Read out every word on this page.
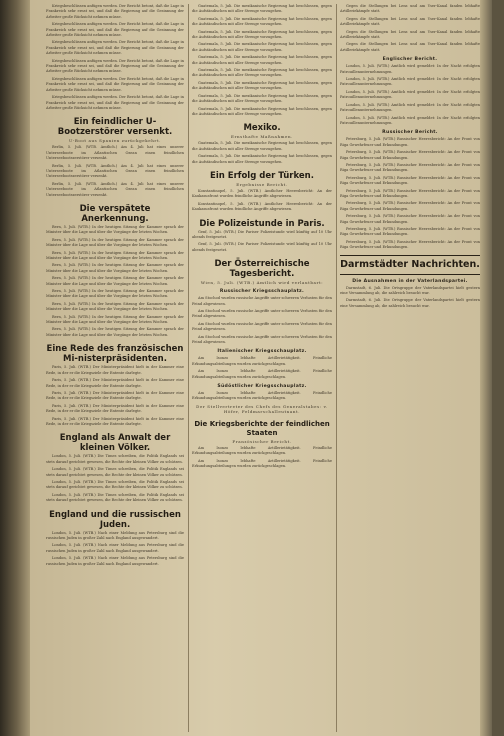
Kriegsbeschlüssen anfügen werden. Der Bericht betont, daß die Lage in Frankreich sehr ernst sei, und daß die Regierung auf die Gesinnung der Arbeiter große Rücksicht nehmen müsse.

Kriegsbeschlüssen anfügen werden. Der Bericht betont, daß die Lage in Frankreich sehr ernst sei, und daß die Regierung auf die Gesinnung der Arbeiter große Rücksicht nehmen müsse.

Kriegsbeschlüssen anfügen werden. Der Bericht betont, daß die Lage in Frankreich sehr ernst sei, und daß die Regierung auf die Gesinnung der Arbeiter große Rücksicht nehmen müsse.

Kriegsbeschlüssen anfügen werden. Der Bericht betont, daß die Lage in Frankreich sehr ernst sei, und daß die Regierung auf die Gesinnung der Arbeiter große Rücksicht nehmen müsse.

Kriegsbeschlüssen anfügen werden. Der Bericht betont, daß die Lage in Frankreich sehr ernst sei, und daß die Regierung auf die Gesinnung der Arbeiter große Rücksicht nehmen müsse.

Kriegsbeschlüssen anfügen werden. Der Bericht betont, daß die Lage in Frankreich sehr ernst sei, und daß die Regierung auf die Gesinnung der Arbeiter große Rücksicht nehmen müsse.

Ein feindlicher U-Bootzerstörer versenkt.
U-Boot aus Spanien zurückgekehrt.

Berlin, 5. Juli. (WTB. Amtlich.) Am 4. Juli hat eines unserer Unterseeboote im Atlantischen Ozean einen feindlichen Unterseebootszerstörer versenkt.

Berlin, 5. Juli. (WTB. Amtlich.) Am 4. Juli hat eines unserer Unterseeboote im Atlantischen Ozean einen feindlichen Unterseebootszerstörer versenkt.

Berlin, 5. Juli. (WTB. Amtlich.) Am 4. Juli hat eines unserer Unterseeboote im Atlantischen Ozean einen feindlichen Unterseebootszerstörer versenkt.

Die verspätete Anerkennung.

Bern, 5. Juli. (WTB.) In der heutigen Sitzung der Kammer sprach der Minister über die Lage und über die Vorgänge der letzten Wochen.

Bern, 5. Juli. (WTB.) In der heutigen Sitzung der Kammer sprach der Minister über die Lage und über die Vorgänge der letzten Wochen.

Bern, 5. Juli. (WTB.) In der heutigen Sitzung der Kammer sprach der Minister über die Lage und über die Vorgänge der letzten Wochen.

Bern, 5. Juli. (WTB.) In der heutigen Sitzung der Kammer sprach der Minister über die Lage und über die Vorgänge der letzten Wochen.

Bern, 5. Juli. (WTB.) In der heutigen Sitzung der Kammer sprach der Minister über die Lage und über die Vorgänge der letzten Wochen.

Bern, 5. Juli. (WTB.) In der heutigen Sitzung der Kammer sprach der Minister über die Lage und über die Vorgänge der letzten Wochen.

Bern, 5. Juli. (WTB.) In der heutigen Sitzung der Kammer sprach der Minister über die Lage und über die Vorgänge der letzten Wochen.

Bern, 5. Juli. (WTB.) In der heutigen Sitzung der Kammer sprach der Minister über die Lage und über die Vorgänge der letzten Wochen.

Bern, 5. Juli. (WTB.) In der heutigen Sitzung der Kammer sprach der Minister über die Lage und über die Vorgänge der letzten Wochen.

Eine Rede des französischen Mi-nisterpräsidenten.

Paris, 5. Juli. (WTB.) Der Ministerpräsident hielt in der Kammer eine Rede, in der er die Kriegsziele der Entente darlegte.

Paris, 5. Juli. (WTB.) Der Ministerpräsident hielt in der Kammer eine Rede, in der er die Kriegsziele der Entente darlegte.

Paris, 5. Juli. (WTB.) Der Ministerpräsident hielt in der Kammer eine Rede, in der er die Kriegsziele der Entente darlegte.

Paris, 5. Juli. (WTB.) Der Ministerpräsident hielt in der Kammer eine Rede, in der er die Kriegsziele der Entente darlegte.

Paris, 5. Juli. (WTB.) Der Ministerpräsident hielt in der Kammer eine Rede, in der er die Kriegsziele der Entente darlegte.

England als Anwalt der kleinen Völker.

London, 5. Juli. (WTB.) Die Times schreiben, die Politik Englands sei stets darauf gerichtet gewesen, die Rechte der kleinen Völker zu schützen.

London, 5. Juli. (WTB.) Die Times schreiben, die Politik Englands sei stets darauf gerichtet gewesen, die Rechte der kleinen Völker zu schützen.

London, 5. Juli. (WTB.) Die Times schreiben, die Politik Englands sei stets darauf gerichtet gewesen, die Rechte der kleinen Völker zu schützen.

London, 5. Juli. (WTB.) Die Times schreiben, die Politik Englands sei stets darauf gerichtet gewesen, die Rechte der kleinen Völker zu schützen.

England und die russischen Juden.

London, 5. Juli. (WTB.) Nach einer Meldung aus Petersburg sind die russischen Juden in großer Zahl nach England ausgewandert.

London, 5. Juli. (WTB.) Nach einer Meldung aus Petersburg sind die russischen Juden in großer Zahl nach England ausgewandert.

London, 5. Juli. (WTB.) Nach einer Meldung aus Petersburg sind die russischen Juden in großer Zahl nach England ausgewandert.

Guatemala, 5. Juli. Die mexikanische Regierung hat beschlossen, gegen die Aufständischen mit aller Strenge vorzugehen.

Guatemala, 5. Juli. Die mexikanische Regierung hat beschlossen, gegen die Aufständischen mit aller Strenge vorzugehen.

Guatemala, 5. Juli. Die mexikanische Regierung hat beschlossen, gegen die Aufständischen mit aller Strenge vorzugehen.

Guatemala, 5. Juli. Die mexikanische Regierung hat beschlossen, gegen die Aufständischen mit aller Strenge vorzugehen.

Guatemala, 5. Juli. Die mexikanische Regierung hat beschlossen, gegen die Aufständischen mit aller Strenge vorzugehen.

Guatemala, 5. Juli. Die mexikanische Regierung hat beschlossen, gegen die Aufständischen mit aller Strenge vorzugehen.

Guatemala, 5. Juli. Die mexikanische Regierung hat beschlossen, gegen die Aufständischen mit aller Strenge vorzugehen.

Guatemala, 5. Juli. Die mexikanische Regierung hat beschlossen, gegen die Aufständischen mit aller Strenge vorzugehen.

Guatemala, 5. Juli. Die mexikanische Regierung hat beschlossen, gegen die Aufständischen mit aller Strenge vorzugehen.

Mexiko.
Ernsthafte Maßnahmen.

Guatemala, 5. Juli. Die mexikanische Regierung hat beschlossen, gegen die Aufständischen mit aller Strenge vorzugehen.

Guatemala, 5. Juli. Die mexikanische Regierung hat beschlossen, gegen die Aufständischen mit aller Strenge vorzugehen.

Ein Erfolg der Türken.
Ergebnisse Bericht.

Konstantinopel, 5. Juli. (WTB.) Amtlicher Heeresbericht: An der Kaukasusfront wurden feindliche Angriffe abgewiesen.

Konstantinopel, 5. Juli. (WTB.) Amtlicher Heeresbericht: An der Kaukasusfront wurden feindliche Angriffe abgewiesen.

Die Polizeistunde in Paris.

Genf, 5. Juli. (WTB.) Die Pariser Polizeistunde wird künftig auf 10 Uhr abends festgesetzt.

Genf, 5. Juli. (WTB.) Die Pariser Polizeistunde wird künftig auf 10 Uhr abends festgesetzt.

Der Österreichische Tagesbericht.
Wien, 5. Juli. (WTB.) Amtlich wird verlautbart:
Russischer Kriegsschauplatz.

Am Stochod wurden russische Angriffe unter schweren Verlusten für den Feind abgewiesen.

Am Stochod wurden russische Angriffe unter schweren Verlusten für den Feind abgewiesen.

Am Stochod wurden russische Angriffe unter schweren Verlusten für den Feind abgewiesen.

Am Stochod wurden russische Angriffe unter schweren Verlusten für den Feind abgewiesen.

Italienischer Kriegsschauplatz.

Am Isonzo lebhafte Artillerietätigkeit. Feindliche Erkundungsabteilungen wurden zurückgeschlagen.

Am Isonzo lebhafte Artillerietätigkeit. Feindliche Erkundungsabteilungen wurden zurückgeschlagen.

Südöstlicher Kriegsschauplatz.

Am Isonzo lebhafte Artillerietätigkeit. Feindliche Erkundungsabteilungen wurden zurückgeschlagen.

Der Stellvertreter des Chefs des Generalstabes: v. Höfer, Feldmarschalleutnant.
Die Kriegsberichte der feindlichen Staaten
Französischer Bericht.

Am Isonzo lebhafte Artillerietätigkeit. Feindliche Erkundungsabteilungen wurden zurückgeschlagen.

Am Isonzo lebhafte Artillerietätigkeit. Feindliche Erkundungsabteilungen wurden zurückgeschlagen.

Gegen die Stellungen bei Lens und am Yser-Kanal fanden lebhafte Artilleriekämpfe statt.

Gegen die Stellungen bei Lens und am Yser-Kanal fanden lebhafte Artilleriekämpfe statt.

Gegen die Stellungen bei Lens und am Yser-Kanal fanden lebhafte Artilleriekämpfe statt.

Gegen die Stellungen bei Lens und am Yser-Kanal fanden lebhafte Artilleriekämpfe statt.

Englischer Bericht.

London, 5. Juli. (WTB.) Amtlich wird gemeldet: In der Nacht erfolgten Patrouillenunternehmungen.

London, 5. Juli. (WTB.) Amtlich wird gemeldet: In der Nacht erfolgten Patrouillenunternehmungen.

London, 5. Juli. (WTB.) Amtlich wird gemeldet: In der Nacht erfolgten Patrouillenunternehmungen.

London, 5. Juli. (WTB.) Amtlich wird gemeldet: In der Nacht erfolgten Patrouillenunternehmungen.

London, 5. Juli. (WTB.) Amtlich wird gemeldet: In der Nacht erfolgten Patrouillenunternehmungen.

Russischer Bericht.

Petersburg, 5. Juli. (WTB.) Russischer Heeresbericht: An der Front von Riga Gewehrfeuer und Erkundungen.

Petersburg, 5. Juli. (WTB.) Russischer Heeresbericht: An der Front von Riga Gewehrfeuer und Erkundungen.

Petersburg, 5. Juli. (WTB.) Russischer Heeresbericht: An der Front von Riga Gewehrfeuer und Erkundungen.

Petersburg, 5. Juli. (WTB.) Russischer Heeresbericht: An der Front von Riga Gewehrfeuer und Erkundungen.

Petersburg, 5. Juli. (WTB.) Russischer Heeresbericht: An der Front von Riga Gewehrfeuer und Erkundungen.

Petersburg, 5. Juli. (WTB.) Russischer Heeresbericht: An der Front von Riga Gewehrfeuer und Erkundungen.

Petersburg, 5. Juli. (WTB.) Russischer Heeresbericht: An der Front von Riga Gewehrfeuer und Erkundungen.

Petersburg, 5. Juli. (WTB.) Russischer Heeresbericht: An der Front von Riga Gewehrfeuer und Erkundungen.

Petersburg, 5. Juli. (WTB.) Russischer Heeresbericht: An der Front von Riga Gewehrfeuer und Erkundungen.

Darmstädter Nachrichten.
Die Ausnahmen in der Vaterlandspartei.

Darmstadt, 6. Juli. Die Ortsgruppe der Vaterlandspartei hielt gestern eine Versammlung ab, die zahlreich besucht war.

Darmstadt, 6. Juli. Die Ortsgruppe der Vaterlandspartei hielt gestern eine Versammlung ab, die zahlreich besucht war.
